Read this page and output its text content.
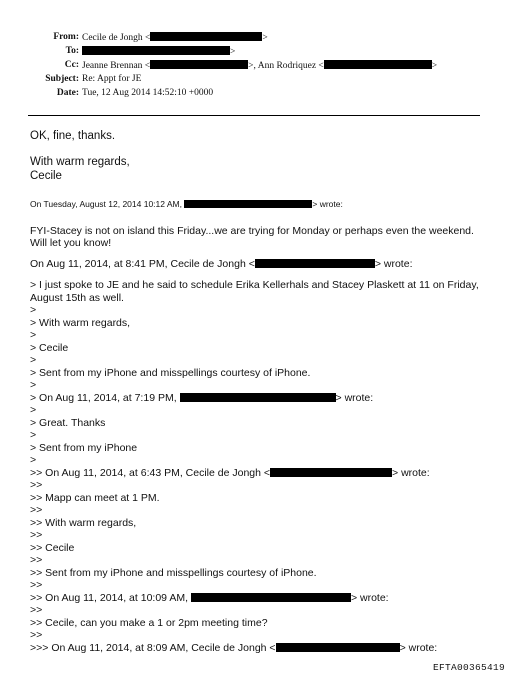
From: Cecile de Jongh <	>
To:	>
Cc: Jeanne Brennan <	>, Ann Rodriquez <	>
Subject: Re: Appt for JE
Date: Tue, 12 Aug 2014 14:52:10 +0000

OK, fine, thanks.

With warm regards,

Cecile

On Tuesday, August 12, 2014 10:12 AM,	> wrote:

FYI-Stacey is not on island this Friday...we are trying for Monday or perhaps even the weekend. Will let you know!

On Aug 11, 2014, at 8:41 PM, Cecile de Jongh <	> wrote:

> I just spoke to JE and he said to schedule Erika Kellerhals and Stacey Plaskett at 11 on Friday, August 15th as well.

>

> With warm regards,

>

> Cecile

>

> Sent from my iPhone and misspellings courtesy of iPhone.

>

> On Aug 11, 2014, at 7:19 PM,	> wrote:

>

> Great. Thanks

>

> Sent from my iPhone

>

>> On Aug 11, 2014, at 6:43 PM, Cecile de Jongh <	> wrote:

>>

>> Mapp can meet at 1 PM.

>>

>> With warm regards,

>>

>> Cecile

>>

>> Sent from my iPhone and misspellings courtesy of iPhone.

>>

>> On Aug 11, 2014, at 10:09 AM,	> wrote:

>>

>> Cecile, can you make a 1 or 2pm meeting time?

>>

>>> On Aug 11, 2014, at 8:09 AM, Cecile de Jongh <	> wrote:

EFTA00365419
